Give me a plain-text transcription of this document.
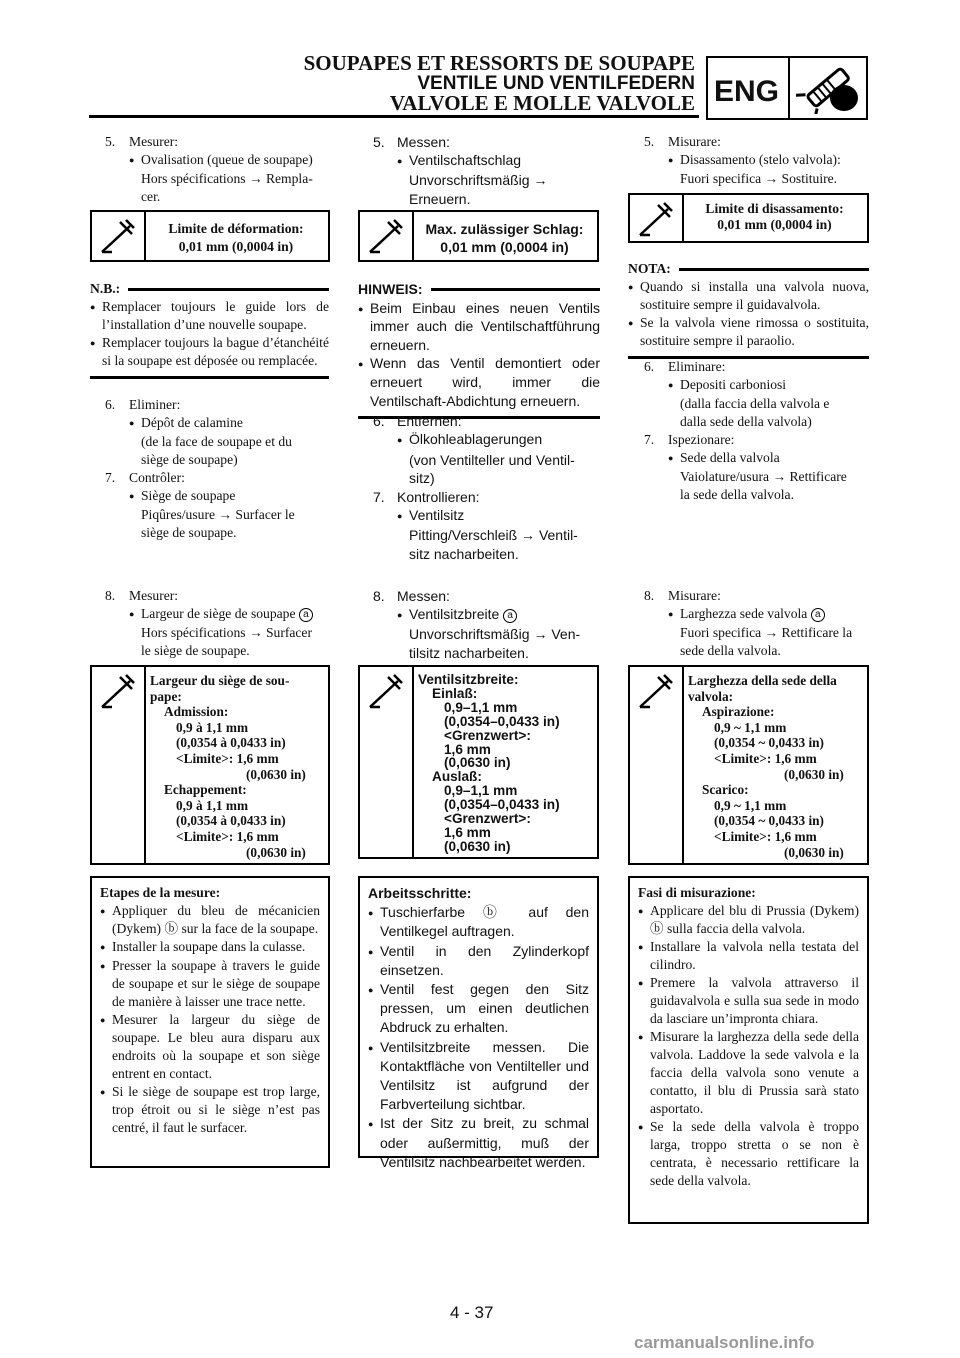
SOUPAPES ET RESSORTS DE SOUPAPE
VENTILE UND VENTILFEDERN
VALVOLE E MOLLE VALVOLE ENG
5.	Mesurer:
●
Ovalisation (queue de soupape)
Hors spécifications → Rempla-
cer.
Limite de déformation:
0,01 mm (0,0004 in)
N.B.:
●
Remplacer toujours le guide lors de l’installation d’une nouvelle soupape.
●
Remplacer toujours la bague d’étanchéité si la soupape est déposée ou remplacée.
6.	Eliminer:
●
Dépôt de calamine
(de la face de soupape et du
siège de soupape)
7.	Contrôler:
●
Siège de soupape
Piqûres/usure → Surfacer le
siège de soupape.
8.	Mesurer:
●
Largeur de siège de soupape a
Hors spécifications → Surfacer
le siège de soupape.
Largeur du siège de sou-
pape:
Admission:
0,9 à 1,1 mm
(0,0354 à 0,0433 in)
<Limite>: 1,6 mm
(0,0630 in)
Echappement:
0,9 à 1,1 mm
(0,0354 à 0,0433 in)
<Limite>: 1,6 mm
(0,0630 in)
Etapes de la mesure:
●
Appliquer du bleu de mécanicien (Dykem) ⓑ sur la face de la soupape.
●
Installer la soupape dans la culasse.
●
Presser la soupape à travers le guide de soupape et sur le siège de soupape de manière à laisser une trace nette.
●
Mesurer la largeur du siège de soupape. Le bleu aura disparu aux endroits où la soupape et son siège entrent en contact.
●
Si le siège de soupape est trop large, trop étroit ou si le siège n’est pas centré, il faut le surfacer.
5. Messen:
●
Ventilschaftschlag
Unvorschriftsmäßig →
Erneuern.
Max. zulässiger Schlag:
0,01 mm (0,0004 in)
HINWEIS:
●
Beim Einbau eines neuen Ventils immer auch die Ventilschaftführung erneuern.
●
Wenn das Ventil demontiert oder erneuert wird, immer die Ventilschaft-Abdichtung erneuern.
6. Entfernen:
●
Ölkohleablagerungen
(von Ventilteller und Ventil-
sitz)
7. Kontrollieren:
●
Ventilsitz
Pitting/Verschleiß → Ventil-
sitz nacharbeiten.
8. Messen:
●
Ventilsitzbreite a
Unvorschriftsmäßig → Ven-
tilsitz nacharbeiten.
Ventilsitzbreite:
Einlaß:
0,9–1,1 mm
(0,0354–0,0433 in)
<Grenzwert>:
1,6 mm
(0,0630 in)
Auslaß:
0,9–1,1 mm
(0,0354–0,0433 in)
<Grenzwert>:
1,6 mm
(0,0630 in)
Arbeitsschritte:
●
Tuschierfarbe ⓑ auf den Ventilkegel auftragen.
●
Ventil in den Zylinderkopf einsetzen.
●
Ventil fest gegen den Sitz pressen, um einen deutlichen Abdruck zu erhalten.
●
Ventilsitzbreite messen. Die Kontaktfläche von Ventilteller und Ventilsitz ist aufgrund der Farbverteilung sichtbar.
●
Ist der Sitz zu breit, zu schmal oder außermittig, muß der Ventilsitz nachbearbeitet werden.
5.	Misurare:
●
Disassamento (stelo valvola):
Fuori specifica → Sostituire.
Limite di disassamento:
0,01 mm (0,0004 in)
NOTA:
●
Quando si installa una valvola nuova, sostituire sempre il guidavalvola.
●
Se la valvola viene rimossa o sostituita, sostituire sempre il paraolio.
6.	Eliminare:
●
Depositi carboniosi
(dalla faccia della valvola e
dalla sede della valvola)
7.	Ispezionare:
●
Sede della valvola
Vaiolature/usura → Rettificare
la sede della valvola.
8.	Misurare:
●
Larghezza sede valvola a
Fuori specifica → Rettificare la
sede della valvola.
Larghezza della sede della
valvola:
Aspirazione:
0,9 ~ 1,1 mm
(0,0354 ~ 0,0433 in)
<Limite>: 1,6 mm
(0,0630 in)
Scarico:
0,9 ~ 1,1 mm
(0,0354 ~ 0,0433 in)
<Limite>: 1,6 mm
(0,0630 in)
Fasi di misurazione:
●
Applicare del blu di Prussia (Dykem) ⓑ sulla faccia della valvola.
●
Installare la valvola nella testata del cilindro.
●
Premere la valvola attraverso il guidavalvola e sulla sua sede in modo da lasciare un’impronta chiara.
●
Misurare la larghezza della sede della valvola. Laddove la sede valvola e la faccia della valvola sono venute a contatto, il blu di Prussia sarà stato asportato.
●
Se la sede della valvola è troppo larga, troppo stretta o se non è centrata, è necessario rettificare la sede della valvola.
4 - 37
carmanualsonline.info
